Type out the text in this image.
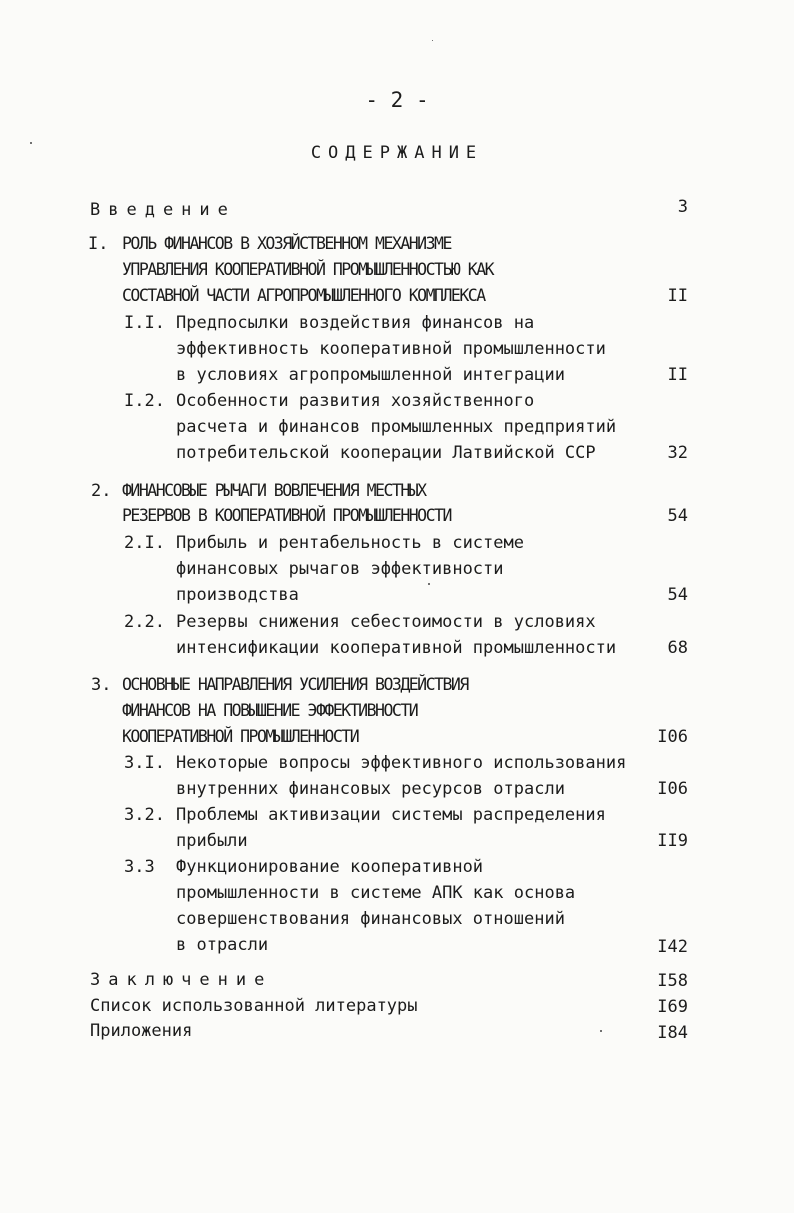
- 2 -
СОДЕРЖАНИЕ
Введение	3
I. РОЛЬ ФИНАНСОВ В ХОЗЯЙСТВЕННОМ МЕХАНИЗМЕ
УПРАВЛЕНИЯ КООПЕРАТИВНОЙ ПРОМЫШЛЕННОСТЬЮ КАК
СОСТАВНОЙ ЧАСТИ АГРОПРОМЫШЛЕННОГО КОМПЛЕКСА	II
I.I. Предпосылки воздействия финансов на
эффективность кооперативной промышленности
в условиях агропромышленной интеграции	II
I.2. Особенности развития хозяйственного
расчета и финансов промышленных предприятий
потребительской кооперации Латвийской ССР	32
2. ФИНАНСОВЫЕ РЫЧАГИ ВОВЛЕЧЕНИЯ МЕСТНЫХ
РЕЗЕРВОВ В КООПЕРАТИВНОЙ ПРОМЫШЛЕННОСТИ	54
2.I. Прибыль и рентабельность в системе
финансовых рычагов эффективности
производства	54
2.2. Резервы снижения себестоимости в условиях
интенсификации кооперативной промышленности	68
3. ОСНОВНЫЕ НАПРАВЛЕНИЯ УСИЛЕНИЯ ВОЗДЕЙСТВИЯ
ФИНАНСОВ НА ПОВЫШЕНИЕ ЭФФЕКТИВНОСТИ
КООПЕРАТИВНОЙ ПРОМЫШЛЕННОСТИ	I06
3.I. Некоторые вопросы эффективного использования
внутренних финансовых ресурсов отрасли	I06
3.2. Проблемы активизации системы распределения
прибыли	II9
3.3 Функционирование кооперативной
промышленности в системе АПК как основа
совершенствования финансовых отношений
в отрасли	I42
Заключение	I58
Список использованной литературы	I69
Приложения	I84
